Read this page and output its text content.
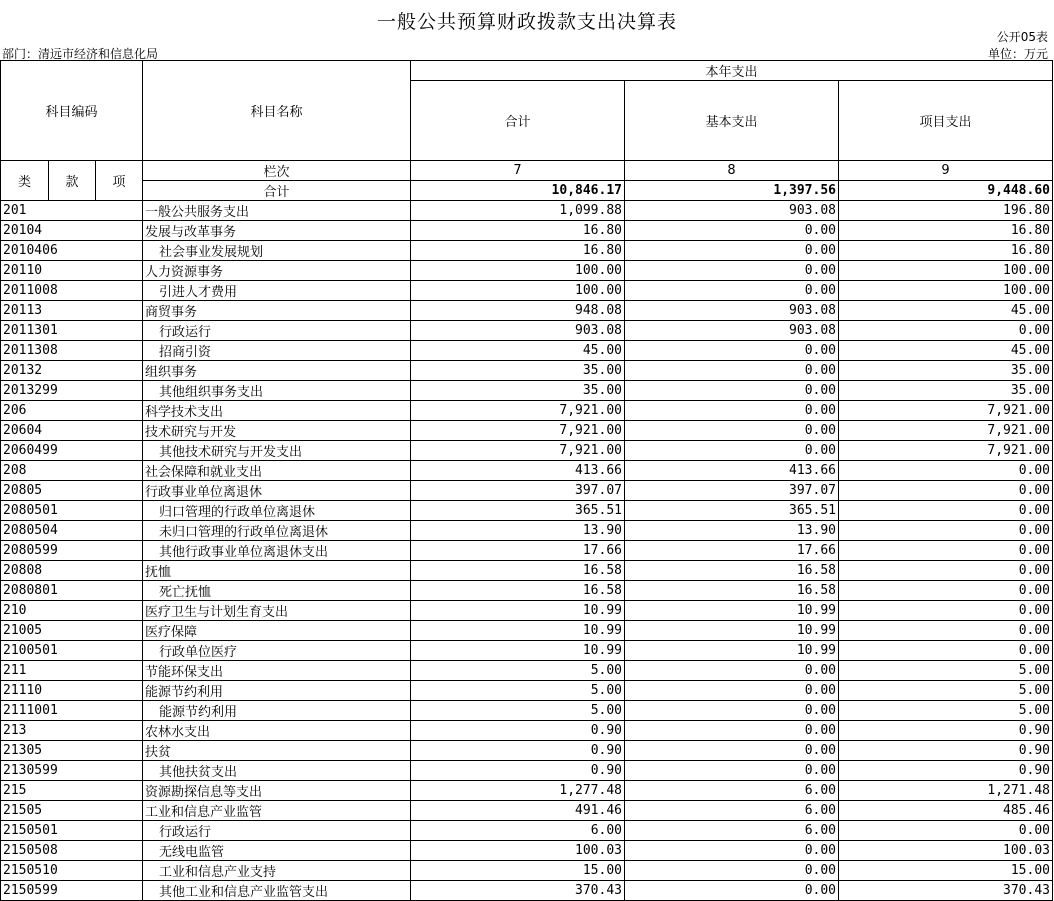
一般公共预算财政拨款支出决算表
公开05表
部门：清远市经济和信息化局	单位：万元
科目编码			科目名称	本年支出		
				合计	基本支出	项目支出
类	款	项	栏次	7	8	9
			合计	10,846.17	1,397.56	9,448.60
201			一般公共服务支出	1,099.88	903.08	196.80
20104			发展与改革事务	16.80	0.00	16.80
2010406			社会事业发展规划	16.80	0.00	16.80
20110			人力资源事务	100.00	0.00	100.00
2011008			引进人才费用	100.00	0.00	100.00
20113			商贸事务	948.08	903.08	45.00
2011301			行政运行	903.08	903.08	0.00
2011308			招商引资	45.00	0.00	45.00
20132			组织事务	35.00	0.00	35.00
2013299			其他组织事务支出	35.00	0.00	35.00
206			科学技术支出	7,921.00	0.00	7,921.00
20604			技术研究与开发	7,921.00	0.00	7,921.00
2060499			其他技术研究与开发支出	7,921.00	0.00	7,921.00
208			社会保障和就业支出	413.66	413.66	0.00
20805			行政事业单位离退休	397.07	397.07	0.00
2080501			归口管理的行政单位离退休	365.51	365.51	0.00
2080504			未归口管理的行政单位离退休	13.90	13.90	0.00
2080599			其他行政事业单位离退休支出	17.66	17.66	0.00
20808			抚恤	16.58	16.58	0.00
2080801			死亡抚恤	16.58	16.58	0.00
210			医疗卫生与计划生育支出	10.99	10.99	0.00
21005			医疗保障	10.99	10.99	0.00
2100501			行政单位医疗	10.99	10.99	0.00
211			节能环保支出	5.00	0.00	5.00
21110			能源节约利用	5.00	0.00	5.00
2111001			能源节约利用	5.00	0.00	5.00
213			农林水支出	0.90	0.00	0.90
21305			扶贫	0.90	0.00	0.90
2130599			其他扶贫支出	0.90	0.00	0.90
215			资源勘探信息等支出	1,277.48	6.00	1,271.48
21505			工业和信息产业监管	491.46	6.00	485.46
2150501			行政运行	6.00	6.00	0.00
2150508			无线电监管	100.03	0.00	100.03
2150510			工业和信息产业支持	15.00	0.00	15.00
2150599			其他工业和信息产业监管支出	370.43	0.00	370.43
